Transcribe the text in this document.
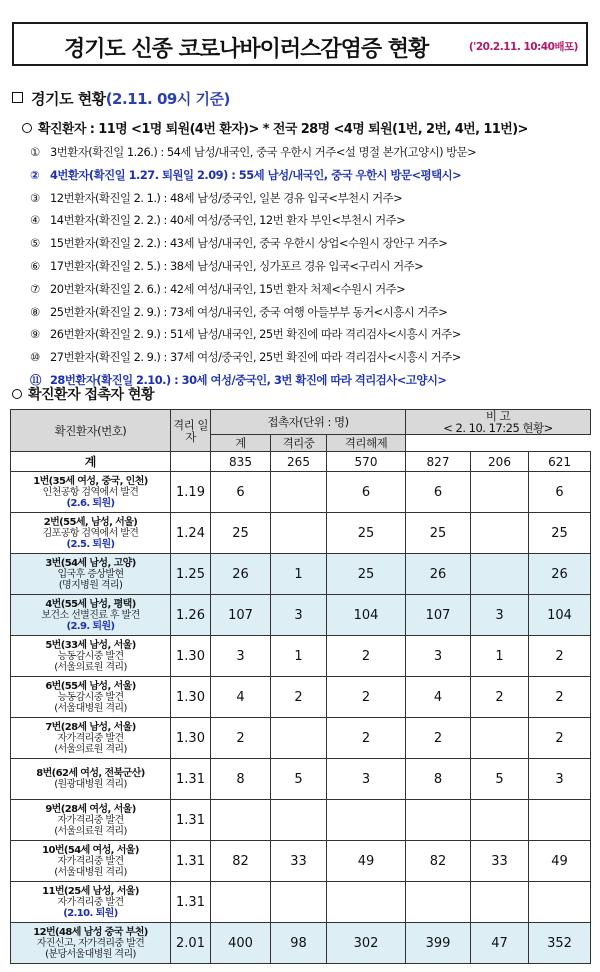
경기도 신종 코로나바이러스감염증 현황	('20.2.11. 10:40배포)
경기도 현황(2.11. 09시 기준)
확진환자 : 11명 <1명 퇴원(4번 환자)> * 전국 28명 <4명 퇴원(1번, 2번, 4번, 11번)>
① 3번환자(확진일 1.26.) : 54세 남성/내국인, 중국 우한시 거주<설 명절 본가(고양시) 방문>
② 4번환자(확진일 1.27. 퇴원일 2.09) : 55세 남성/내국인, 중국 우한시 방문<평택시>
③ 12번환자(확진일 2. 1.) : 48세 남성/중국인, 일본 경유 입국<부천시 거주>
④ 14번환자(확진일 2. 2.) : 40세 여성/중국인, 12번 환자 부인<부천시 거주>
⑤ 15번환자(확진일 2. 2.) : 43세 남성/내국인, 중국 우한시 상업<수원시 장안구 거주>
⑥ 17번환자(확진일 2. 5.) : 38세 남성/내국인, 싱가포르 경유 입국<구리시 거주>
⑦ 20번환자(확진일 2. 6.) : 42세 여성/내국인, 15번 환자 처제<수원시 거주>
⑧ 25번환자(확진일 2. 9.) : 73세 여성/내국인, 중국 여행 아들부부 동거<시흥시 거주>
⑨ 26번환자(확진일 2. 9.) : 51세 남성/내국인, 25번 확진에 따라 격리검사<시흥시 거주>
⑩ 27번환자(확진일 2. 9.) : 37세 여성/중국인, 25번 확진에 따라 격리검사<시흥시 거주>
⑪ 28번환자(확진일 2.10.) : 30세 여성/중국인, 3번 확진에 따라 격리검사<고양시>
확진환자 접촉자 현황
확진환자(번호)	격리 일자	접촉자(단위 : 명)			비 고
< 2. 10. 17:25 현황>		
		계	격리중	격리해제			
계		835	265	570	827	206	621

1번(35세 여성, 중국, 인천)
인천공항 검역에서 발견
(2.6. 퇴원)	1.19	6		6	6		6

2번(55세, 남성, 서울)
김포공항 검역에서 발견
(2.5. 퇴원)	1.24	25		25	25		25

3번(54세 남성, 고양)
입국후 증상발현
(명지병원 격리)	1.25	26	1	25	26		26

4번(55세 남성, 평택)
보건소 선별진료 후 발견
(2.9. 퇴원)	1.26	107	3	104	107	3	104

5번(33세 남성, 서울)
능동감시중 발견
(서울의료원 격리)	1.30	3	1	2	3	1	2

6번(55세 남성, 서울)
능동감시중 발견
(서울대병원 격리)	1.30	4	2	2	4	2	2

7번(28세 남성, 서울)
자가격리중 발견
(서울의료원 격리)	1.30	2		2	2		2

8번(62세 여성, 전북군산)
(원광대병원 격리)	1.31	8	5	3	8	5	3

9번(28세 여성, 서울)
자가격리중 발견
(서울의료원 격리)	1.31						

10번(54세 여성, 서울)
자가격리중 발견
(서울대병원 격리)	1.31	82	33	49	82	33	49

11번(25세 남성, 서울)
자가격리중 발견
(2.10. 퇴원)	1.31						

12번(48세 남성 중국 부천)
자진신고, 자가격리중 발견
(분당서울대병원 격리)	2.01	400	98	302	399	47	352
